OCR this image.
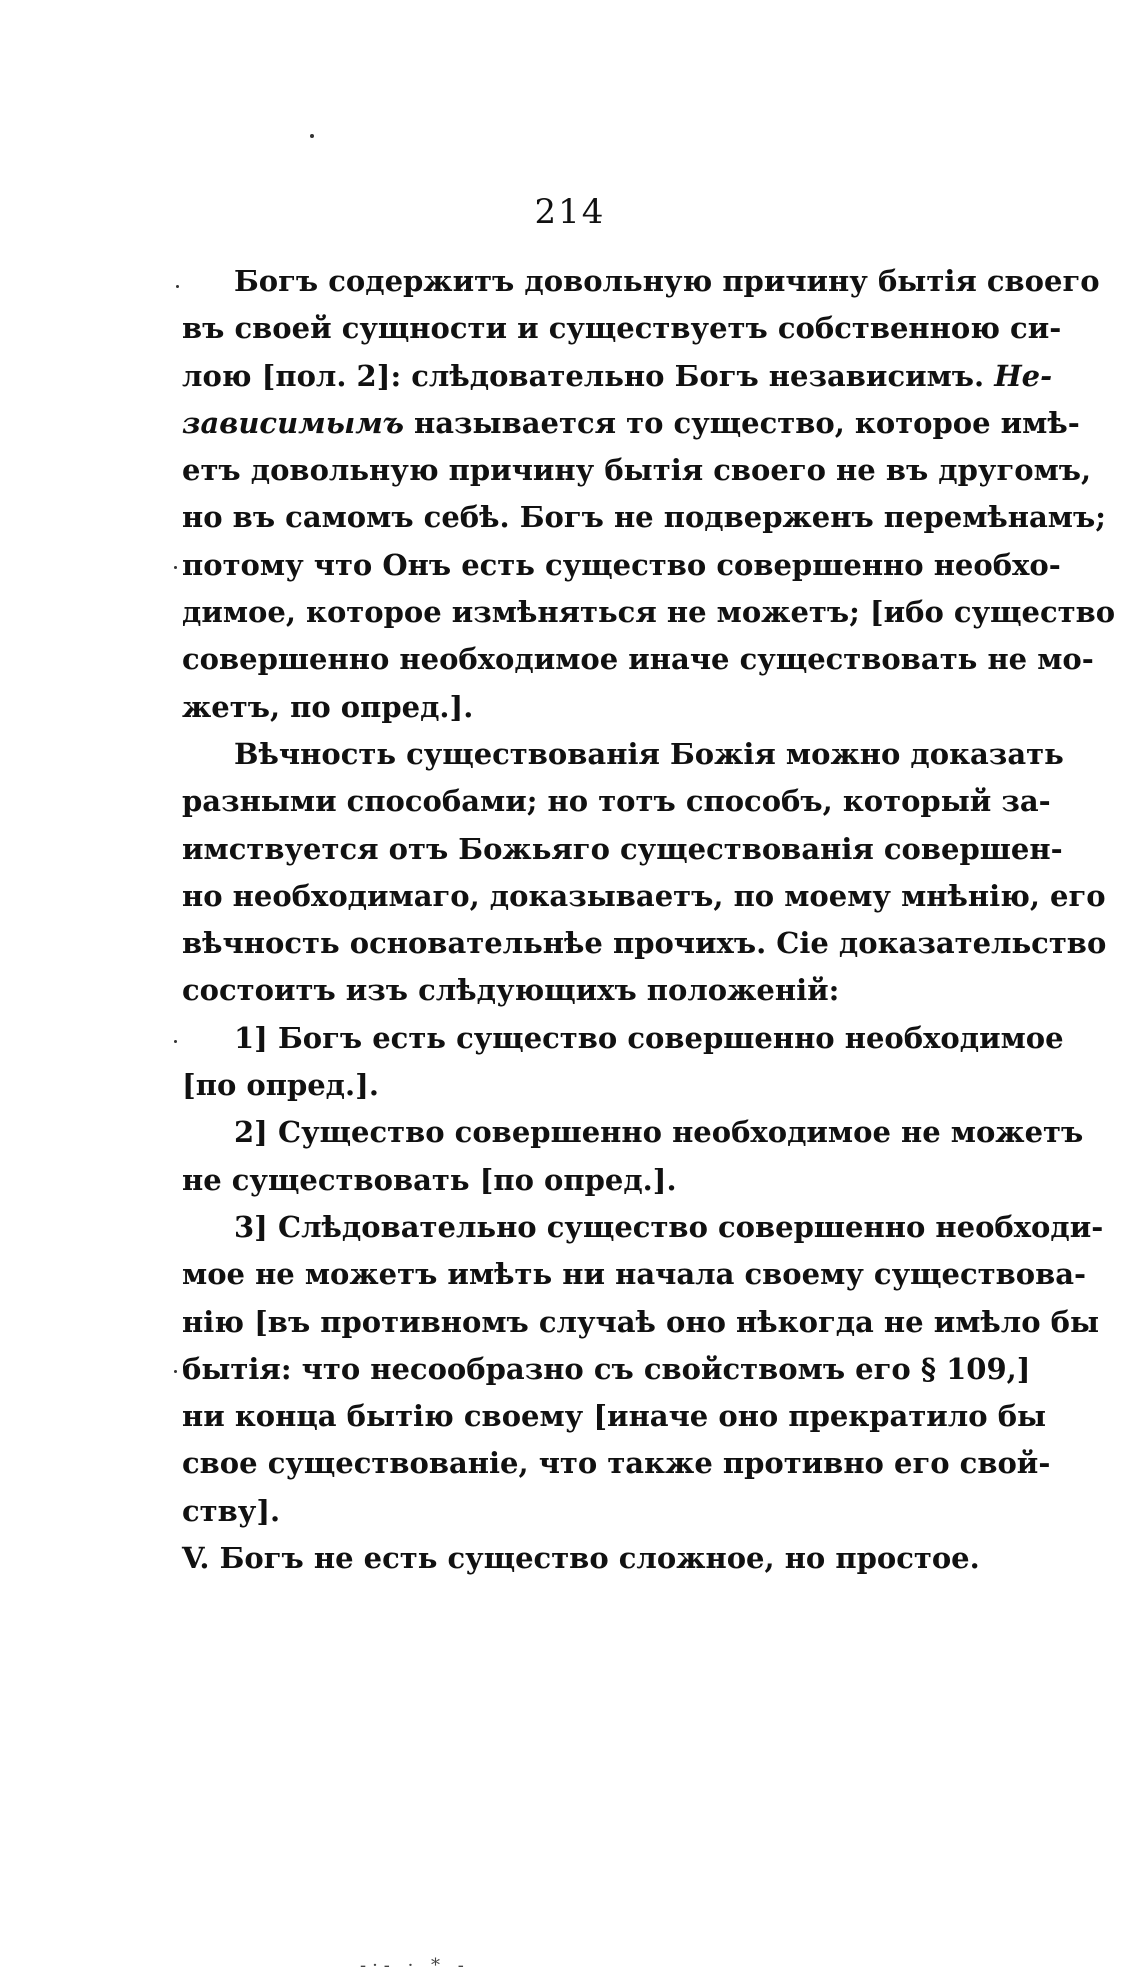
214
Богъ содержитъ довольную причину бытія своего
въ своей сущности и существуетъ собственною си-
лою [пол. 2]: слѣдовательно Богъ независимъ. Не-
зависимымъ называется то существо, которое имѣ-
етъ довольную причину бытія своего не въ другомъ,
но въ самомъ себѣ. Богъ не подверженъ перемѣнамъ;
потому что Онъ есть существо совершенно необхо-
димое, которое измѣняться не можетъ; [ибо существо
совершенно необходимое иначе существовать не мо-
жетъ, по опред.].
Вѣчность существованія Божія можно доказать
разными способами; но тотъ способъ, который за-
имствуется отъ Божьяго существованія совершен-
но необходимаго, доказываетъ, по моему мнѣнію, его
вѣчность основательнѣе прочихъ. Сіе доказательство
состоитъ изъ слѣдующихъ положеній:
1] Богъ есть существо совершенно необходимое
[по опред.].
2] Существо совершенно необходимое не можетъ
не существовать [по опред.].
3] Слѣдовательно существо совершенно необходи-
мое не можетъ имѣть ни начала своему существова-
нію [въ противномъ случаѣ оно нѣкогда не имѣло бы
бытія: что несообразно съ свойствомъ его § 109,]
ни конца бытію своему [иначе оно прекратило бы
свое существованіе, что также противно его свой-
ству].
V. Богъ не есть существо сложное, но простое.
-·- · * -
